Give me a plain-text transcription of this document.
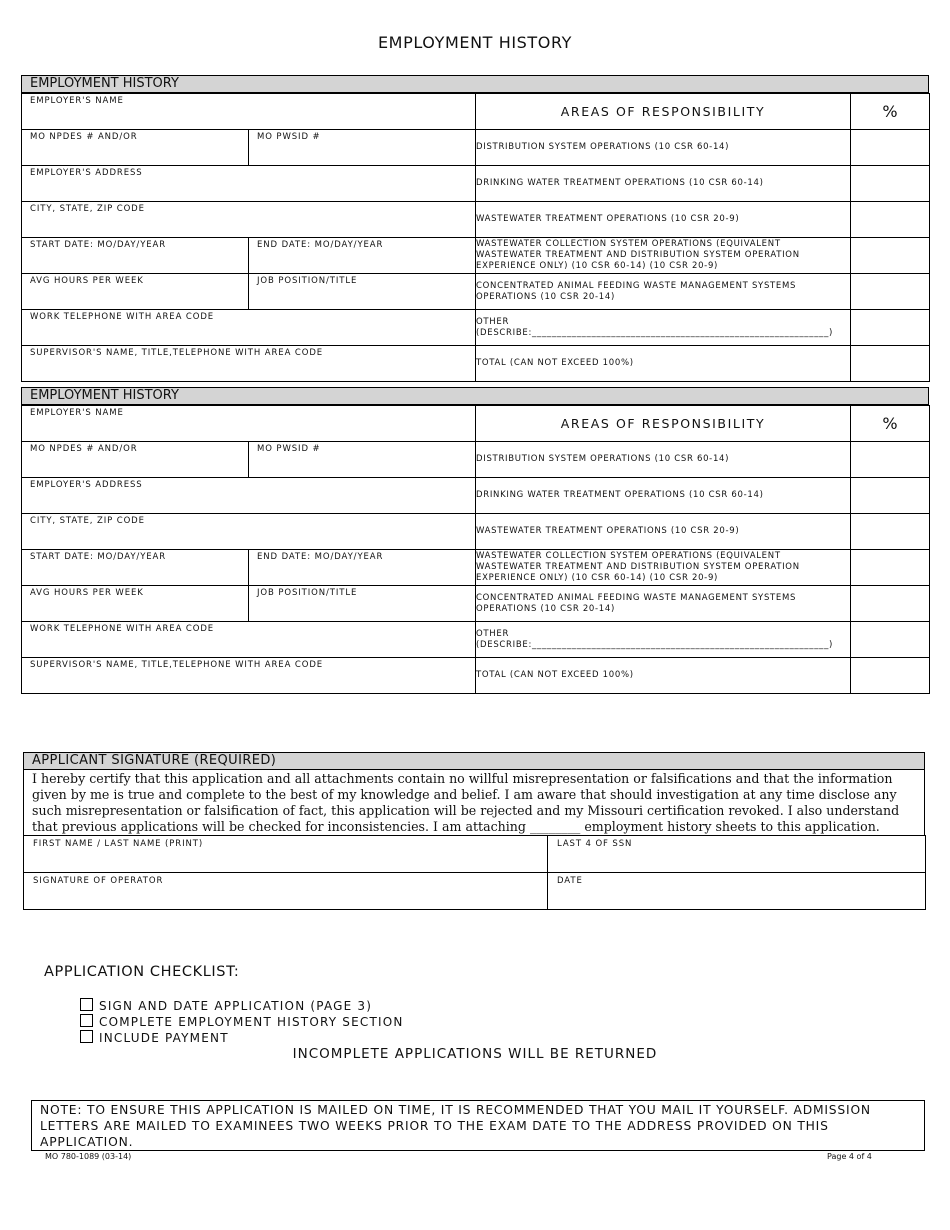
EMPLOYMENT HISTORY
EMPLOYMENT HISTORY
EMPLOYER'S NAME		AREAS OF RESPONSIBILITY	%

MO NPDES # AND/OR	MO PWSID #	DISTRIBUTION SYSTEM OPERATIONS (10 CSR 60-14)	

EMPLOYER'S ADDRESS		DRINKING WATER TREATMENT OPERATIONS (10 CSR 60-14)	

CITY, STATE, ZIP CODE		WASTEWATER TREATMENT OPERATIONS (10 CSR 20-9)	

START DATE: MO/DAY/YEAR	END DATE: MO/DAY/YEAR	WASTEWATER COLLECTION SYSTEM OPERATIONS (EQUIVALENT
WASTEWATER TREATMENT AND DISTRIBUTION SYSTEM OPERATION
EXPERIENCE ONLY) (10 CSR 60-14) (10 CSR 20-9)	

AVG HOURS PER WEEK	JOB POSITION/TITLE	CONCENTRATED ANIMAL FEEDING WASTE MANAGEMENT SYSTEMS
OPERATIONS (10 CSR 20-14)	

WORK TELEPHONE WITH AREA CODE		OTHER
(DESCRIBE:____________________________________________________________)	

SUPERVISOR'S NAME, TITLE,TELEPHONE WITH AREA CODE		TOTAL (CAN NOT EXCEED 100%)	
EMPLOYMENT HISTORY
EMPLOYER'S NAME		AREAS OF RESPONSIBILITY	%

MO NPDES # AND/OR	MO PWSID #	DISTRIBUTION SYSTEM OPERATIONS (10 CSR 60-14)	

EMPLOYER'S ADDRESS		DRINKING WATER TREATMENT OPERATIONS (10 CSR 60-14)	

CITY, STATE, ZIP CODE		WASTEWATER TREATMENT OPERATIONS (10 CSR 20-9)	

START DATE: MO/DAY/YEAR	END DATE: MO/DAY/YEAR	WASTEWATER COLLECTION SYSTEM OPERATIONS (EQUIVALENT
WASTEWATER TREATMENT AND DISTRIBUTION SYSTEM OPERATION
EXPERIENCE ONLY) (10 CSR 60-14) (10 CSR 20-9)	

AVG HOURS PER WEEK	JOB POSITION/TITLE	CONCENTRATED ANIMAL FEEDING WASTE MANAGEMENT SYSTEMS
OPERATIONS (10 CSR 20-14)	

WORK TELEPHONE WITH AREA CODE		OTHER
(DESCRIBE:____________________________________________________________)	

SUPERVISOR'S NAME, TITLE,TELEPHONE WITH AREA CODE		TOTAL (CAN NOT EXCEED 100%)	
APPLICANT SIGNATURE (REQUIRED)
I hereby certify that this application and all attachments contain no willful misrepresentation or falsifications and that the information given by me is true and complete to the best of my knowledge and belief. I am aware that should investigation at any time disclose any such misrepresentation or falsification of fact, this application will be rejected and my Missouri certification revoked. I also understand that previous applications will be checked for inconsistencies. I am attaching ________ employment history sheets to this application.
FIRST NAME / LAST NAME (PRINT)	LAST 4 OF SSN

SIGNATURE OF OPERATOR	DATE
APPLICATION CHECKLIST:
SIGN AND DATE APPLICATION (PAGE 3)
COMPLETE EMPLOYMENT HISTORY SECTION
INCLUDE PAYMENT
INCOMPLETE APPLICATIONS WILL BE RETURNED
NOTE: TO ENSURE THIS APPLICATION IS MAILED ON TIME, IT IS RECOMMENDED THAT YOU MAIL IT YOURSELF. ADMISSION LETTERS ARE MAILED TO EXAMINEES TWO WEEKS PRIOR TO THE EXAM DATE TO THE ADDRESS PROVIDED ON THIS APPLICATION.
MO 780-1089 (03-14)	Page 4 of 4
